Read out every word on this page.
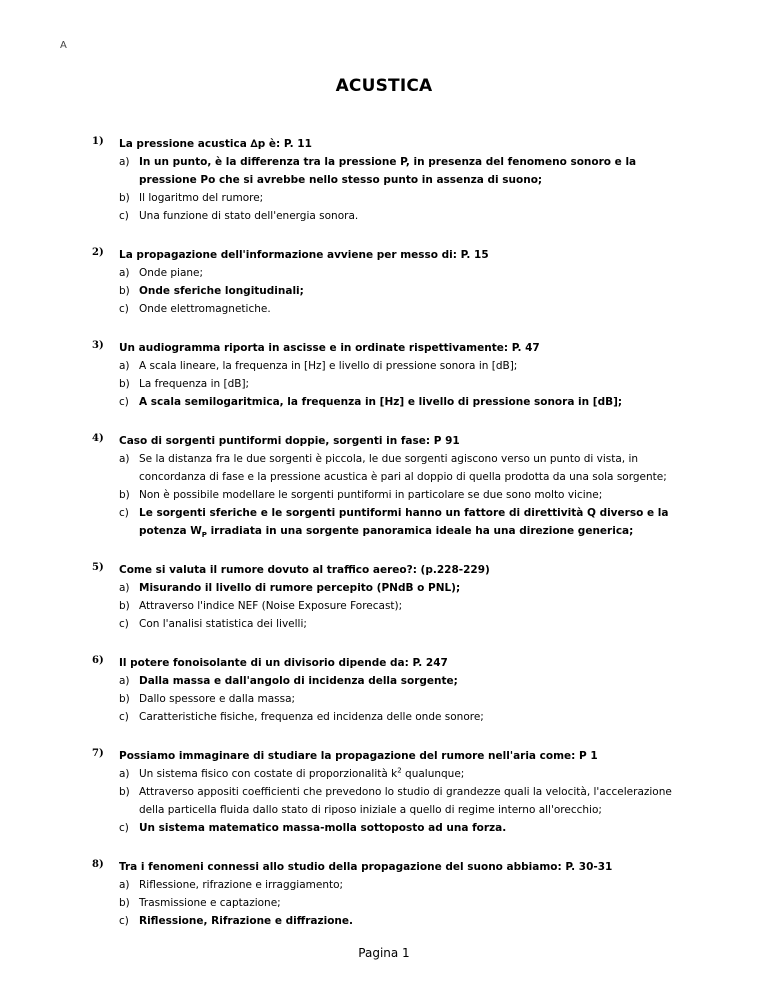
A
ACUSTICA
1) La pressione acustica ∆p è: P. 11
a) In un punto, è la differenza tra la pressione P, in presenza del fenomeno sonoro e la pressione Po che si avrebbe nello stesso punto in assenza di suono;
b) Il logaritmo del rumore;
c) Una funzione di stato dell'energia sonora.
2) La propagazione dell'informazione avviene per messo di: P. 15
a) Onde piane;
b) Onde sferiche longitudinali;
c) Onde elettromagnetiche.
3) Un audiogramma riporta in ascisse e in ordinate rispettivamente: P. 47
a) A scala lineare, la frequenza in [Hz] e livello di pressione sonora in [dB];
b) La frequenza in [dB];
c) A scala semilogaritmica, la frequenza in [Hz] e livello di pressione sonora in [dB];
4) Caso di sorgenti puntiformi doppie, sorgenti in fase: P 91
a) Se la distanza fra le due sorgenti è piccola, le due sorgenti agiscono verso un punto di vista, in concordanza di fase e la pressione acustica è pari al doppio di quella prodotta da una sola sorgente;
b) Non è possibile modellare le sorgenti puntiformi in particolare se due sono molto vicine;
c) Le sorgenti sferiche e le sorgenti puntiformi hanno un fattore di direttività Q diverso e la potenza $W_P$ irradiata in una sorgente panoramica ideale ha una direzione generica;
5) Come si valuta il rumore dovuto al traffico aereo?: (p.228-229)
a) Misurando il livello di rumore percepito (PNdB o PNL);
b) Attraverso l'indice NEF (Noise Exposure Forecast);
c) Con l'analisi statistica dei livelli;
6) Il potere fonoisolante di un divisorio dipende da: P. 247
a) Dalla massa e dall'angolo di incidenza della sorgente;
b) Dallo spessore e dalla massa;
c) Caratteristiche fisiche, frequenza ed incidenza delle onde sonore;
7) Possiamo immaginare di studiare la propagazione del rumore nell'aria come: P 1
a) Un sistema fisico con costate di proporzionalità $k^2$ qualunque;
b) Attraverso appositi coefficienti che prevedono lo studio di grandezze quali la velocità, l'accelerazione della particella fluida dallo stato di riposo iniziale a quello di regime interno all'orecchio;
c) Un sistema matematico massa-molla sottoposto ad una forza.
8) Tra i fenomeni connessi allo studio della propagazione del suono abbiamo: P. 30-31
a) Riflessione, rifrazione e irraggiamento;
b) Trasmissione e captazione;
c) Riflessione, Rifrazione e diffrazione.
Pagina 1
